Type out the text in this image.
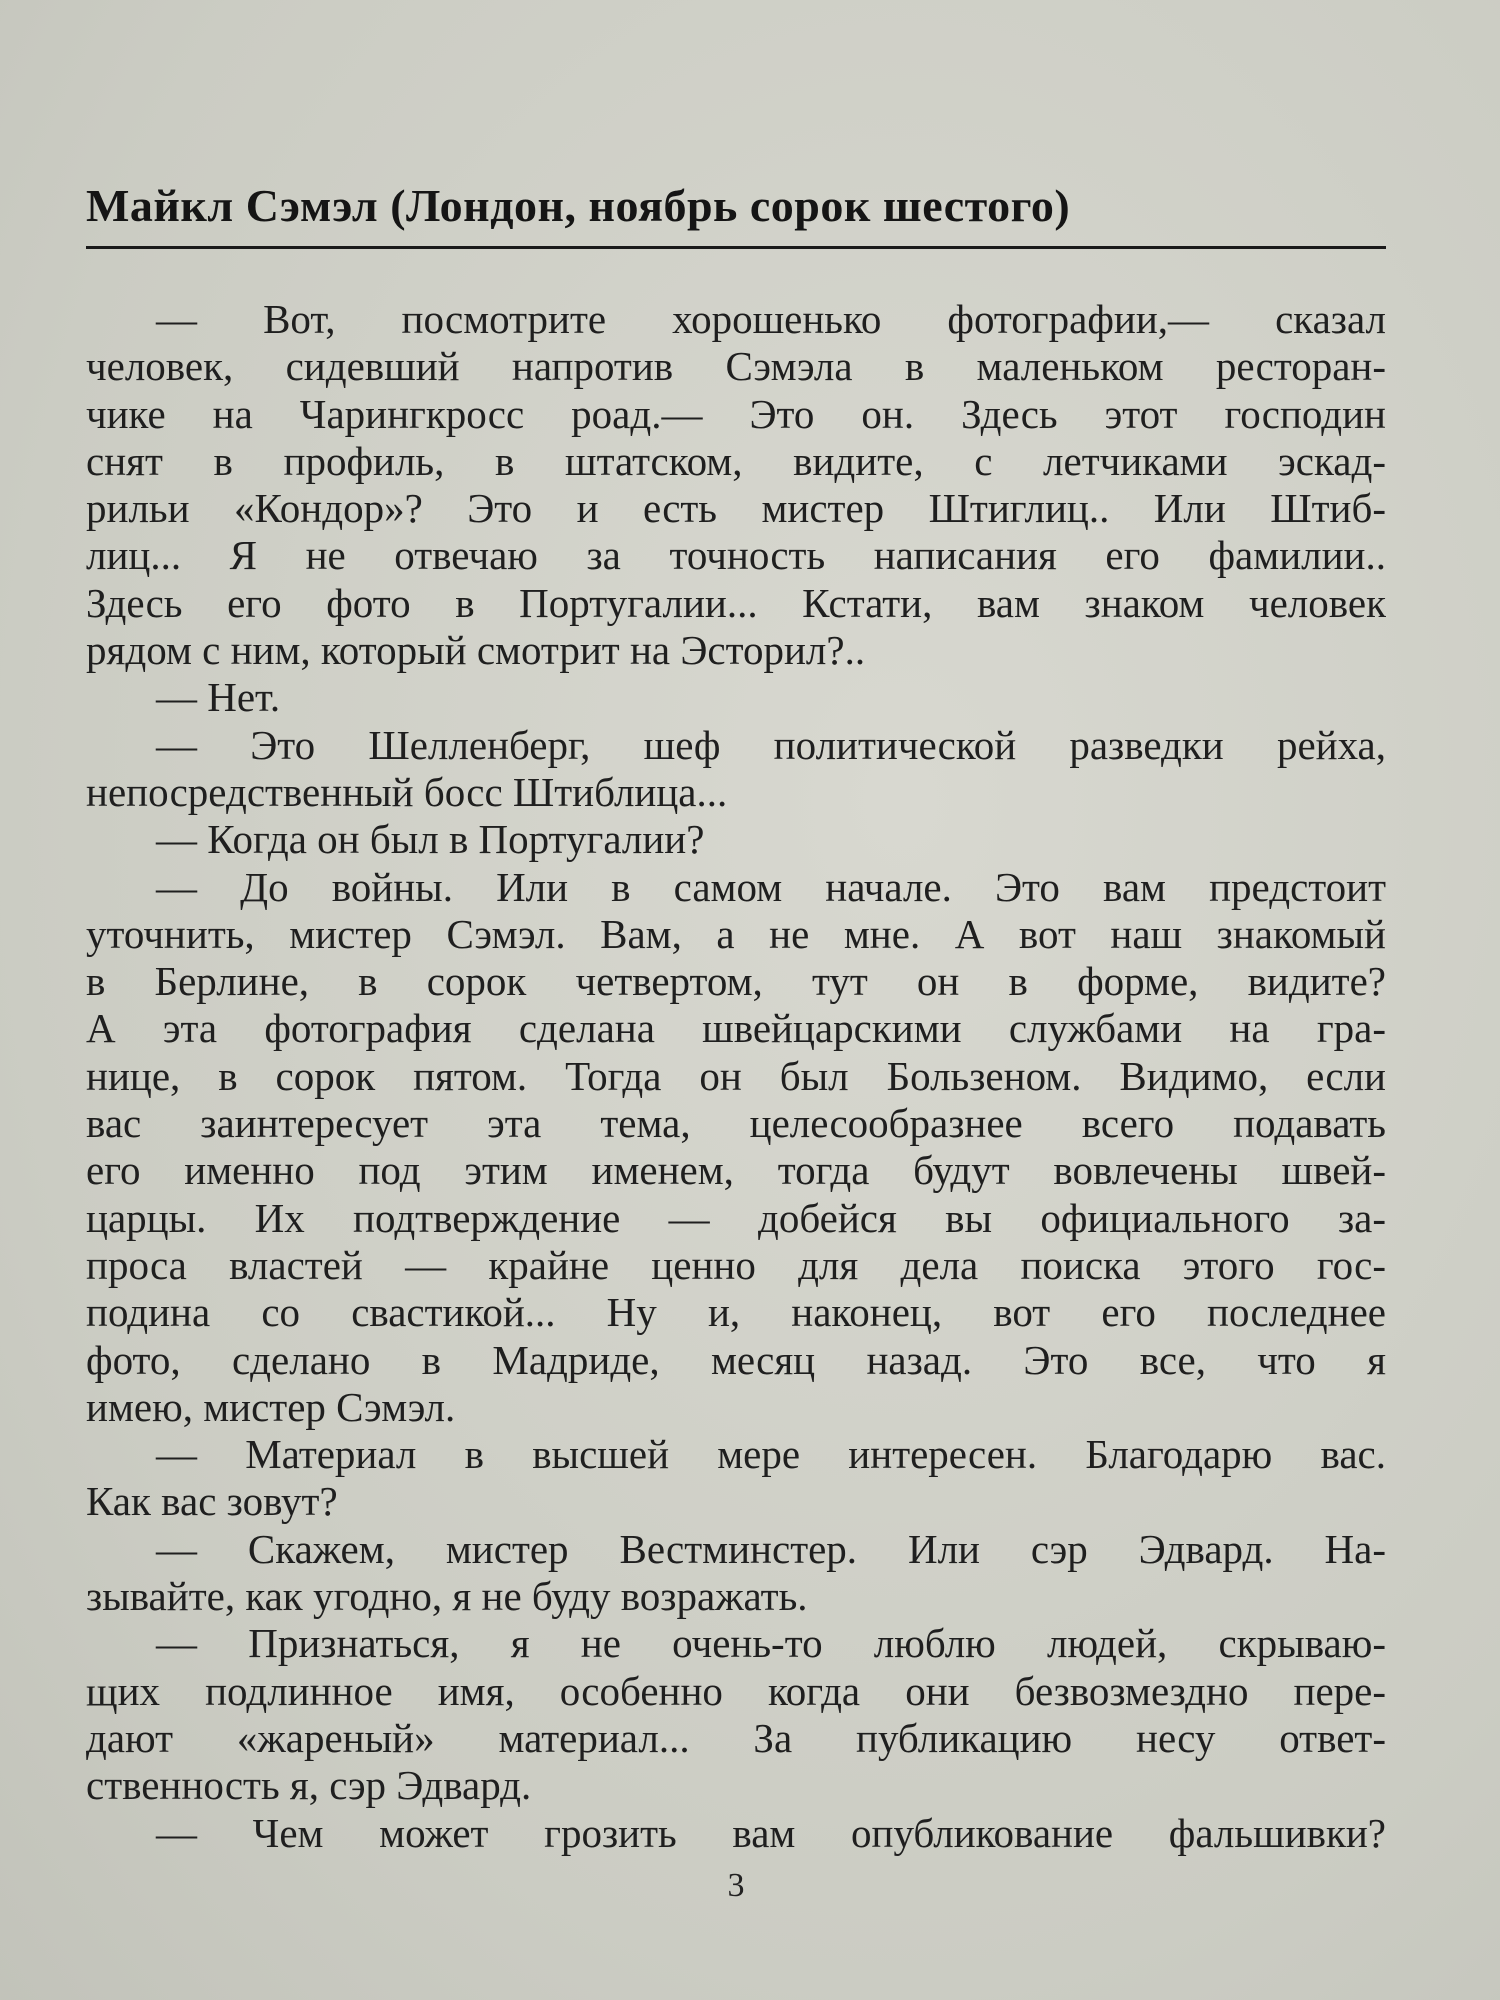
Майкл Сэмэл (Лондон, ноябрь сорок шестого)
— Вот, посмотрите хорошенько фотографии,— сказал
человек, сидевший напротив Сэмэла в маленьком ресторан-
чике на Чарингкросс роад.— Это он. Здесь этот господин
снят в профиль, в штатском, видите, с летчиками эскад-
рильи «Кондор»? Это и есть мистер Штиглиц.. Или Штиб-
лиц... Я не отвечаю за точность написания его фамилии..
Здесь его фото в Португалии... Кстати, вам знаком человек
рядом с ним, который смотрит на Эсторил?..
— Нет.
— Это Шелленберг, шеф политической разведки рейха,
непосредственный босс Штиблица...
— Когда он был в Португалии?
— До войны. Или в самом начале. Это вам предстоит
уточнить, мистер Сэмэл. Вам, а не мне. А вот наш знакомый
в Берлине, в сорок четвертом, тут он в форме, видите?
А эта фотография сделана швейцарскими службами на гра-
нице, в сорок пятом. Тогда он был Бользеном. Видимо, если
вас заинтересует эта тема, целесообразнее всего подавать
его именно под этим именем, тогда будут вовлечены швей-
царцы. Их подтверждение — добейся вы официального за-
проса властей — крайне ценно для дела поиска этого гос-
подина со свастикой... Ну и, наконец, вот его последнее
фото, сделано в Мадриде, месяц назад. Это все, что я
имею, мистер Сэмэл.
— Материал в высшей мере интересен. Благодарю вас.
Как вас зовут?
— Скажем, мистер Вестминстер. Или сэр Эдвард. На-
зывайте, как угодно, я не буду возражать.
— Признаться, я не очень-то люблю людей, скрываю-
щих подлинное имя, особенно когда они безвозмездно пере-
дают «жареный» материал... За публикацию несу ответ-
ственность я, сэр Эдвард.
— Чем может грозить вам опубликование фальшивки?
3
